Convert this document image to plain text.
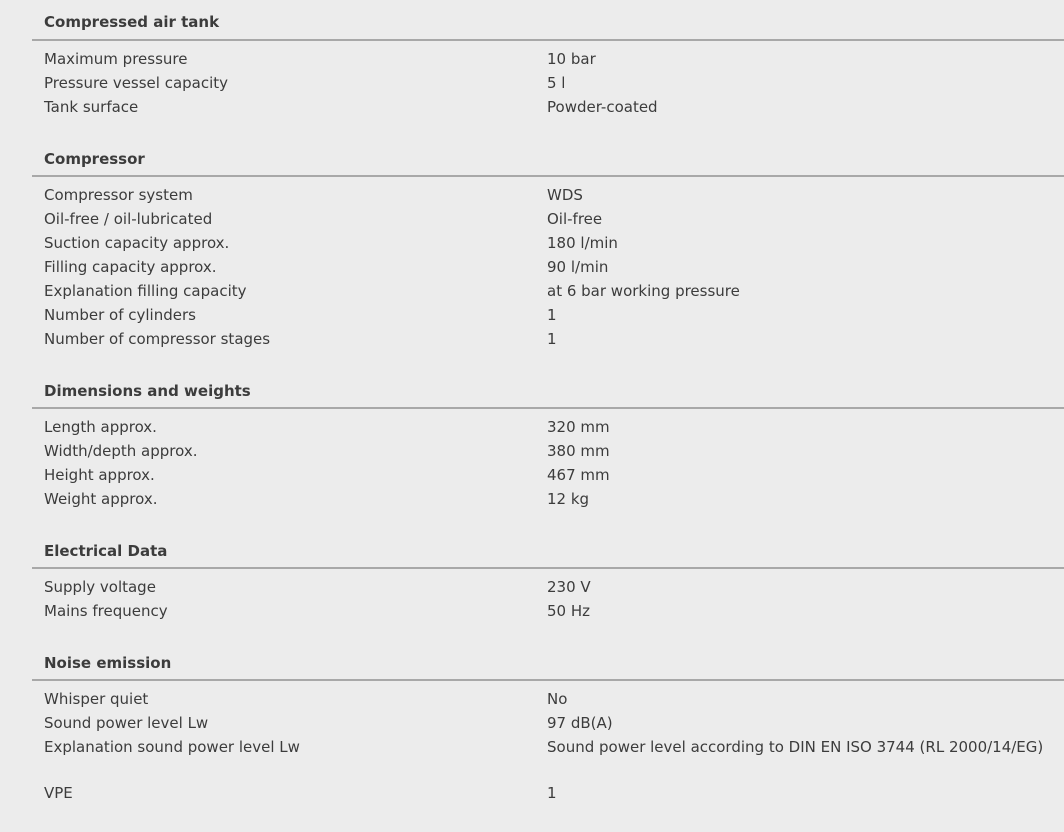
Compressed air tank
Maximum pressure	10 bar
Pressure vessel capacity	5 l
Tank surface	Powder-coated
Compressor
Compressor system	WDS
Oil-free / oil-lubricated	Oil-free
Suction capacity approx.	180 l/min
Filling capacity approx.	90 l/min
Explanation filling capacity	at 6 bar working pressure
Number of cylinders	1
Number of compressor stages	1
Dimensions and weights
Length approx.	320 mm
Width/depth approx.	380 mm
Height approx.	467 mm
Weight approx.	12 kg
Electrical Data
Supply voltage	230 V
Mains frequency	50 Hz
Noise emission
Whisper quiet	No
Sound power level Lw	97 dB(A)
Explanation sound power level Lw	Sound power level according to DIN EN ISO 3744 (RL 2000/14/EG)
VPE	1
